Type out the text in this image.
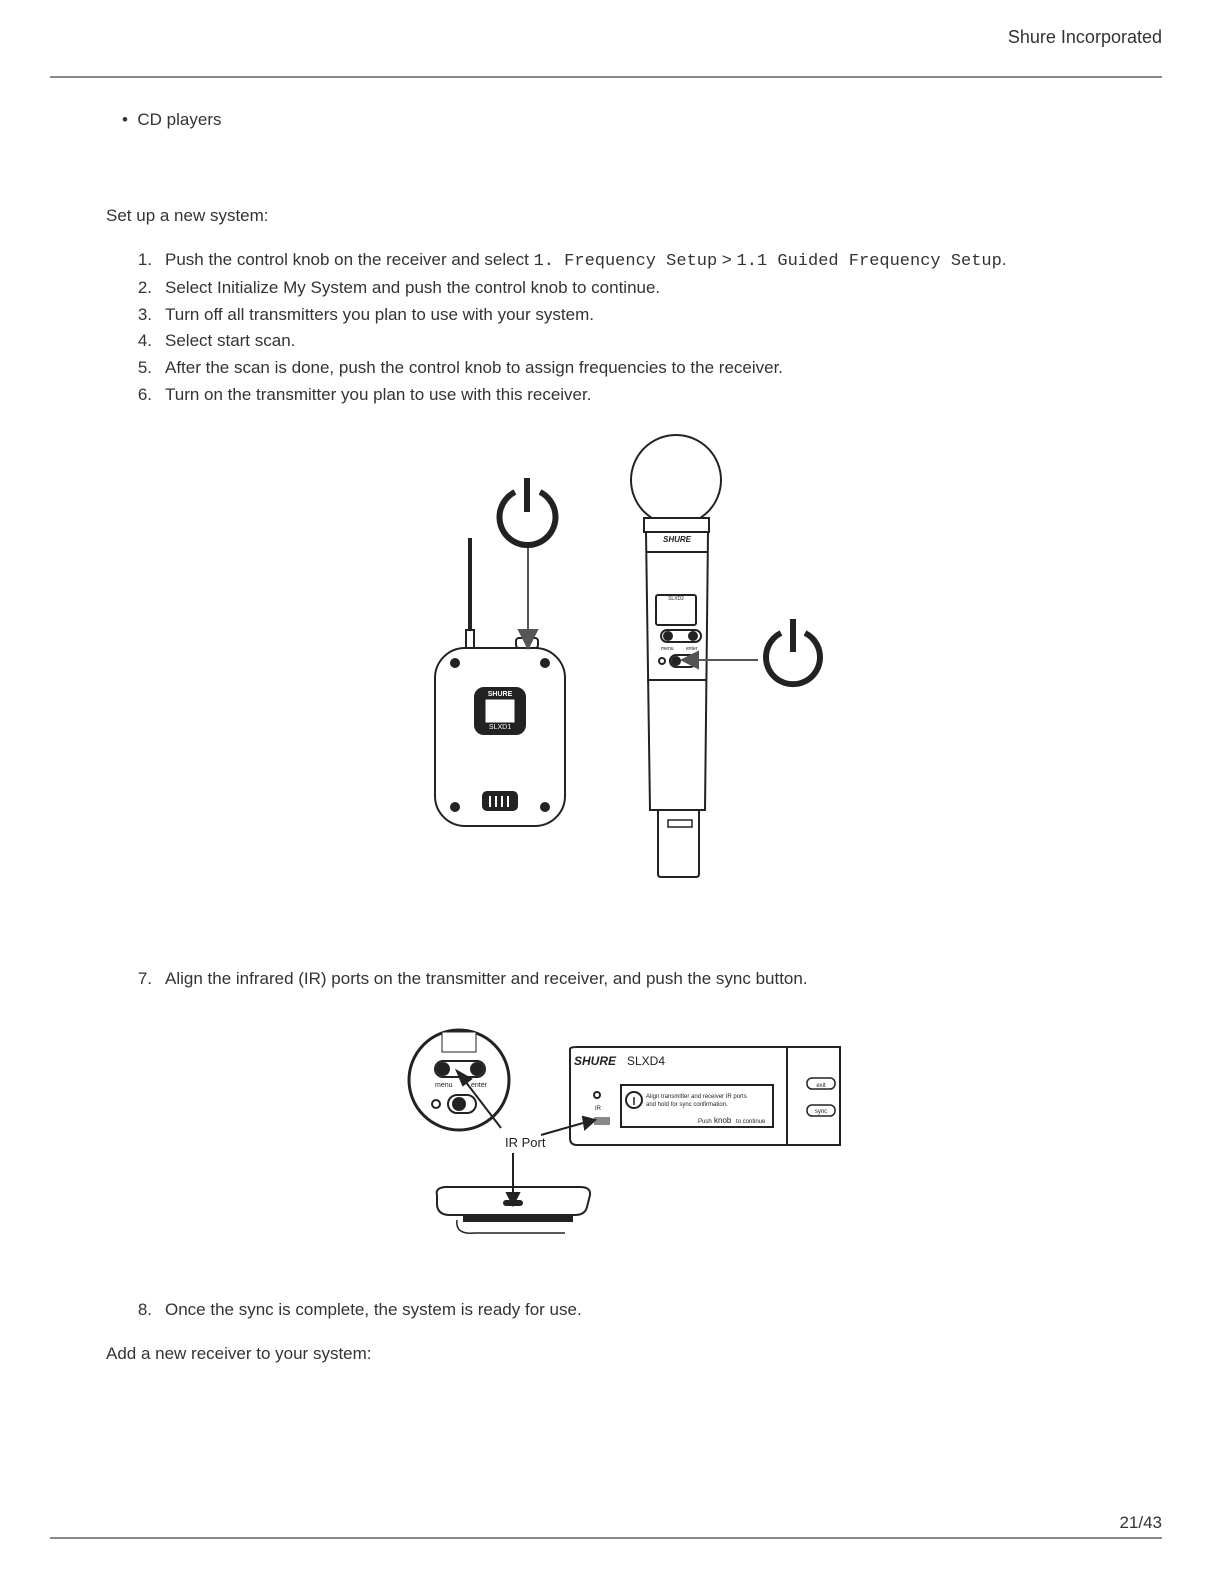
Shure Incorporated
•  CD players
Set up a new system:
1. Push the control knob on the receiver and select 1. Frequency Setup > 1.1 Guided Frequency Setup.
2. Select Initialize My System and push the control knob to continue.
3. Turn off all transmitters you plan to use with your system.
4. Select start scan.
5. After the scan is done, push the control knob to assign frequencies to the receiver.
6. Turn on the transmitter you plan to use with this receiver.
SHURE
SLXD1
SHURE
SLXD2
menu enter
7. Align the infrared (IR) ports on the transmitter and receiver, and push the sync button.
menu	enter
IR Port
SHURE SLXD4
IR
Align transmitter and receiver IR ports
and hold for sync confirmation.
Push knob to continue
exit
sync
8. Once the sync is complete, the system is ready for use.
Add a new receiver to your system:
21/43
